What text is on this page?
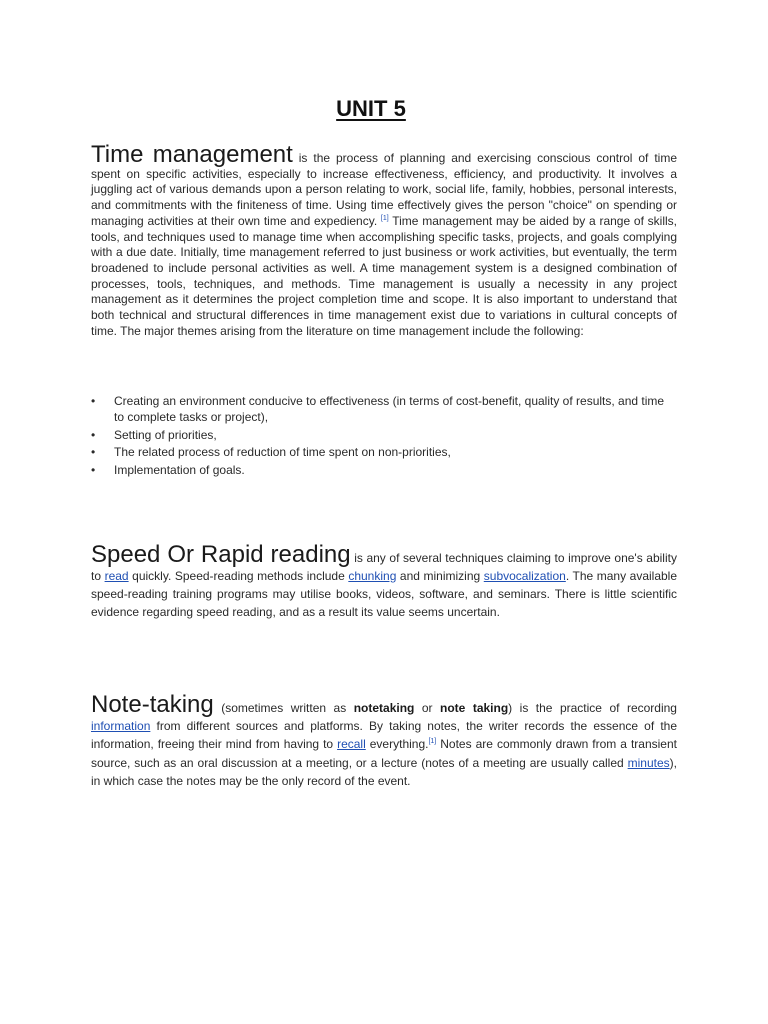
UNIT 5

Time management is the process of planning and exercising conscious control of time spent on specific activities, especially to increase effectiveness, efficiency, and productivity. It involves a juggling act of various demands upon a person relating to work, social life, family, hobbies, personal interests, and commitments with the finiteness of time. Using time effectively gives the person "choice" on spending or managing activities at their own time and expediency. [1] Time management may be aided by a range of skills, tools, and techniques used to manage time when accomplishing specific tasks, projects, and goals complying with a due date. Initially, time management referred to just business or work activities, but eventually, the term broadened to include personal activities as well. A time management system is a designed combination of processes, tools, techniques, and methods. Time management is usually a necessity in any project management as it determines the project completion time and scope. It is also important to understand that both technical and structural differences in time management exist due to variations in cultural concepts of time. The major themes arising from the literature on time management include the following:

• Creating an environment conducive to effectiveness (in terms of cost-benefit, quality of results, and time to complete tasks or project),
• Setting of priorities,
• The related process of reduction of time spent on non-priorities,
• Implementation of goals.

Speed Or Rapid reading is any of several techniques claiming to improve one's ability to read quickly. Speed-reading methods include chunking and minimizing subvocalization. The many available speed-reading training programs may utilise books, videos, software, and seminars. There is little scientific evidence regarding speed reading, and as a result its value seems uncertain.

Note-taking (sometimes written as notetaking or note taking) is the practice of recording information from different sources and platforms. By taking notes, the writer records the essence of the information, freeing their mind from having to recall everything.[1] Notes are commonly drawn from a transient source, such as an oral discussion at a meeting, or a lecture (notes of a meeting are usually called minutes), in which case the notes may be the only record of the event.
